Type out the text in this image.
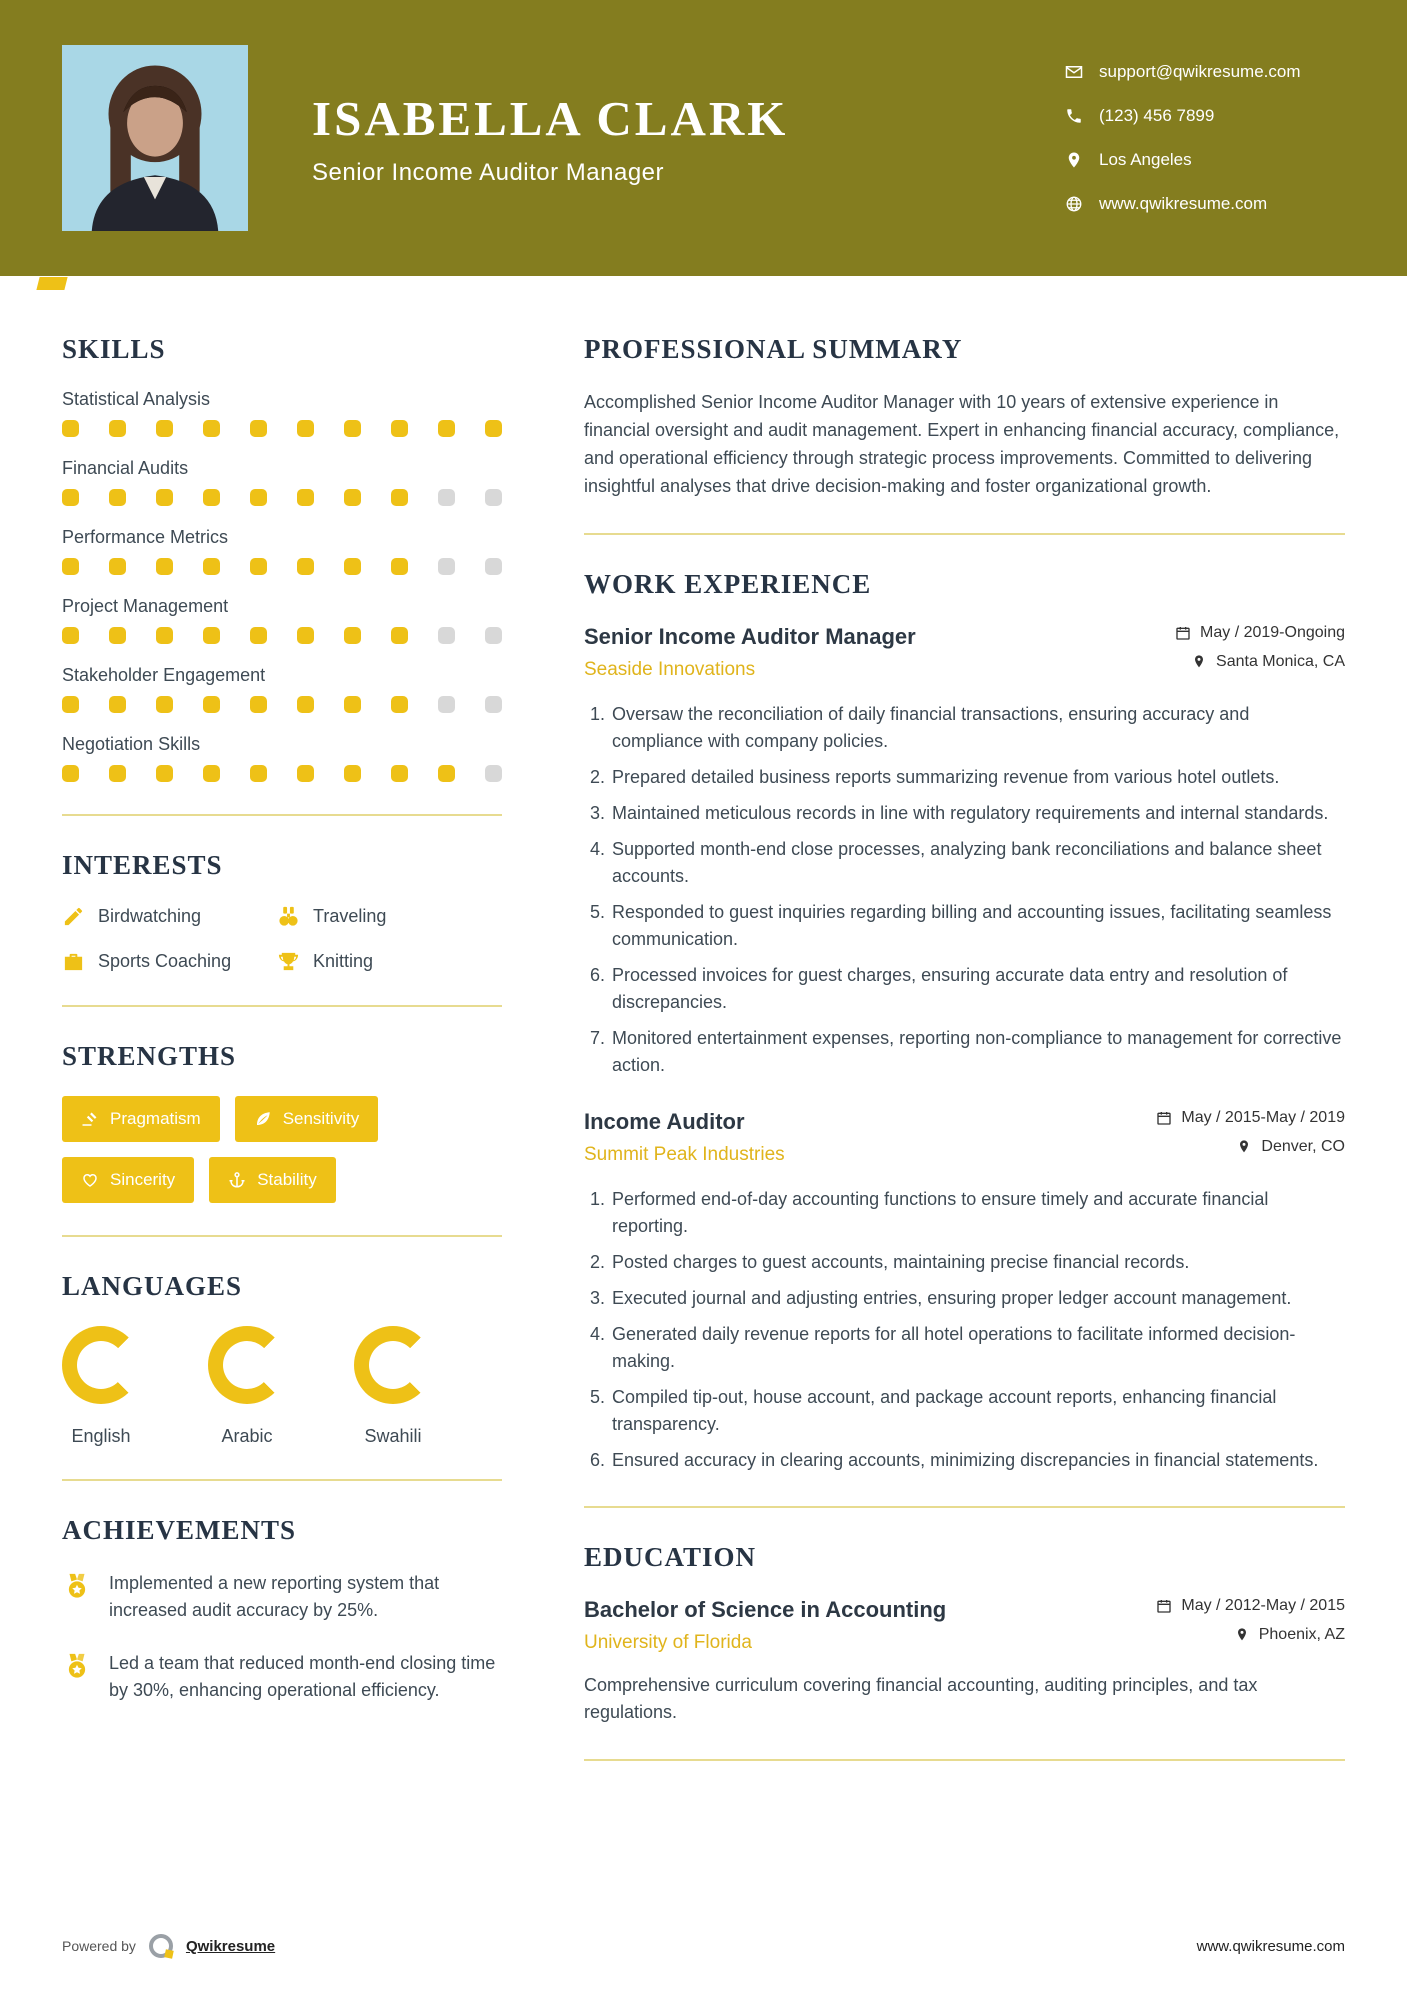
ISABELLA CLARK
Senior Income Auditor Manager
support@qwikresume.com
(123) 456 7899
Los Angeles
www.qwikresume.com
SKILLS
Statistical Analysis
Financial Audits
Performance Metrics
Project Management
Stakeholder Engagement
Negotiation Skills
INTERESTS
Birdwatching	Traveling
Sports Coaching	Knitting
STRENGTHS
Pragmatism	Sensitivity
Sincerity	Stability
LANGUAGES
English	Arabic	Swahili
ACHIEVEMENTS
Implemented a new reporting system that increased audit accuracy by 25%.
Led a team that reduced month-end closing time by 30%, enhancing operational efficiency.
PROFESSIONAL SUMMARY

Accomplished Senior Income Auditor Manager with 10 years of extensive experience in financial oversight and audit management. Expert in enhancing financial accuracy, compliance, and operational efficiency through strategic process improvements. Committed to delivering insightful analyses that drive decision-making and foster organizational growth.

WORK EXPERIENCE
Senior Income Auditor Manager
Seaside Innovations
May / 2019-Ongoing
Santa Monica, CA
1. Oversaw the reconciliation of daily financial transactions, ensuring accuracy and compliance with company policies.
2. Prepared detailed business reports summarizing revenue from various hotel outlets.
3. Maintained meticulous records in line with regulatory requirements and internal standards.
4. Supported month-end close processes, analyzing bank reconciliations and balance sheet accounts.
5. Responded to guest inquiries regarding billing and accounting issues, facilitating seamless communication.
6. Processed invoices for guest charges, ensuring accurate data entry and resolution of discrepancies.
7. Monitored entertainment expenses, reporting non-compliance to management for corrective action.
Income Auditor
Summit Peak Industries
May / 2015-May / 2019
Denver, CO
1. Performed end-of-day accounting functions to ensure timely and accurate financial reporting.
2. Posted charges to guest accounts, maintaining precise financial records.
3. Executed journal and adjusting entries, ensuring proper ledger account management.
4. Generated daily revenue reports for all hotel operations to facilitate informed decision-making.
5. Compiled tip-out, house account, and package account reports, enhancing financial transparency.
6. Ensured accuracy in clearing accounts, minimizing discrepancies in financial statements.
EDUCATION
Bachelor of Science in Accounting
University of Florida
May / 2012-May / 2015
Phoenix, AZ

Comprehensive curriculum covering financial accounting, auditing principles, and tax regulations.

Powered by	Qwikresume	www.qwikresume.com
